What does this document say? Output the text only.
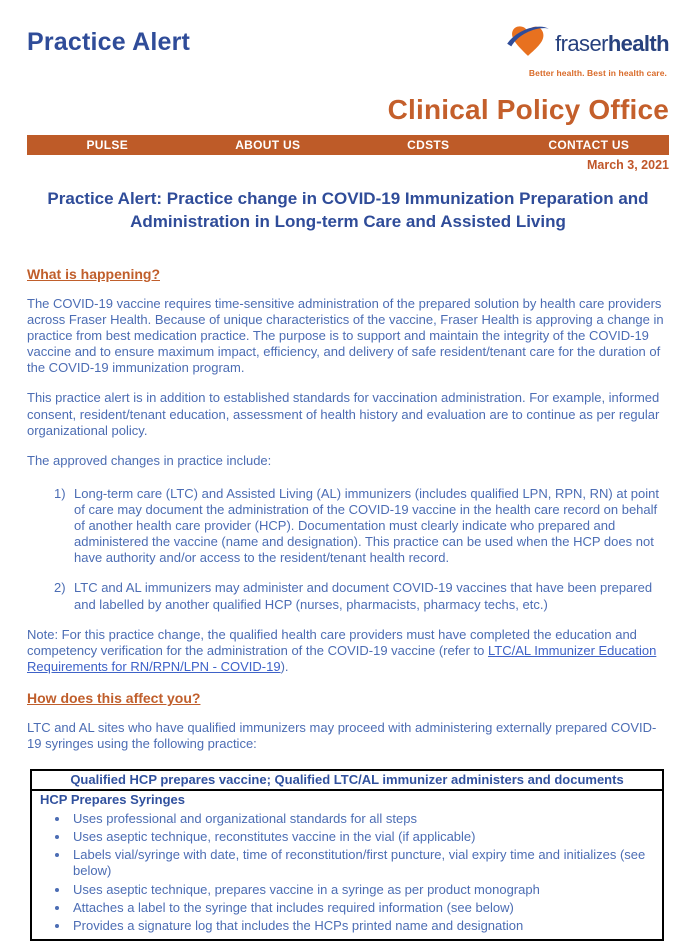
Practice Alert	fraserhealth
Better health. Best in health care.
Clinical Policy Office
PULSE	ABOUT US	CDSTS	CONTACT US
March 3, 2021
Practice Alert: Practice change in COVID-19 Immunization Preparation and Administration in Long-term Care and Assisted Living
What is happening?

The COVID-19 vaccine requires time-sensitive administration of the prepared solution by health care providers across Fraser Health. Because of unique characteristics of the vaccine, Fraser Health is approving a change in practice from best medication practice. The purpose is to support and maintain the integrity of the COVID-19 vaccine and to ensure maximum impact, efficiency, and delivery of safe resident/tenant care for the duration of the COVID-19 immunization program.

This practice alert is in addition to established standards for vaccination administration. For example, informed consent, resident/tenant education, assessment of health history and evaluation are to continue as per regular organizational policy.

The approved changes in practice include:

1) Long-term care (LTC) and Assisted Living (AL) immunizers (includes qualified LPN, RPN, RN) at point of care may document the administration of the COVID-19 vaccine in the health care record on behalf of another health care provider (HCP). Documentation must clearly indicate who prepared and administered the vaccine (name and designation). This practice can be used when the HCP does not have authority and/or access to the resident/tenant health record.
2) LTC and AL immunizers may administer and document COVID-19 vaccines that have been prepared and labelled by another qualified HCP (nurses, pharmacists, pharmacy techs, etc.)

Note: For this practice change, the qualified health care providers must have completed the education and competency verification for the administration of the COVID-19 vaccine (refer to LTC/AL Immunizer Education Requirements for RN/RPN/LPN - COVID-19).

How does this affect you?

LTC and AL sites who have qualified immunizers may proceed with administering externally prepared COVID-19 syringes using the following practice:

Qualified HCP prepares vaccine; Qualified LTC/AL immunizer administers and documents

HCP Prepares Syringes
• Uses professional and organizational standards for all steps
• Uses aseptic technique, reconstitutes vaccine in the vial (if applicable)
• Labels vial/syringe with date, time of reconstitution/first puncture, vial expiry time and initializes (see below)
• Uses aseptic technique, prepares vaccine in a syringe as per product monograph
• Attaches a label to the syringe that includes required information (see below)
• Provides a signature log that includes the HCPs printed name and designation
